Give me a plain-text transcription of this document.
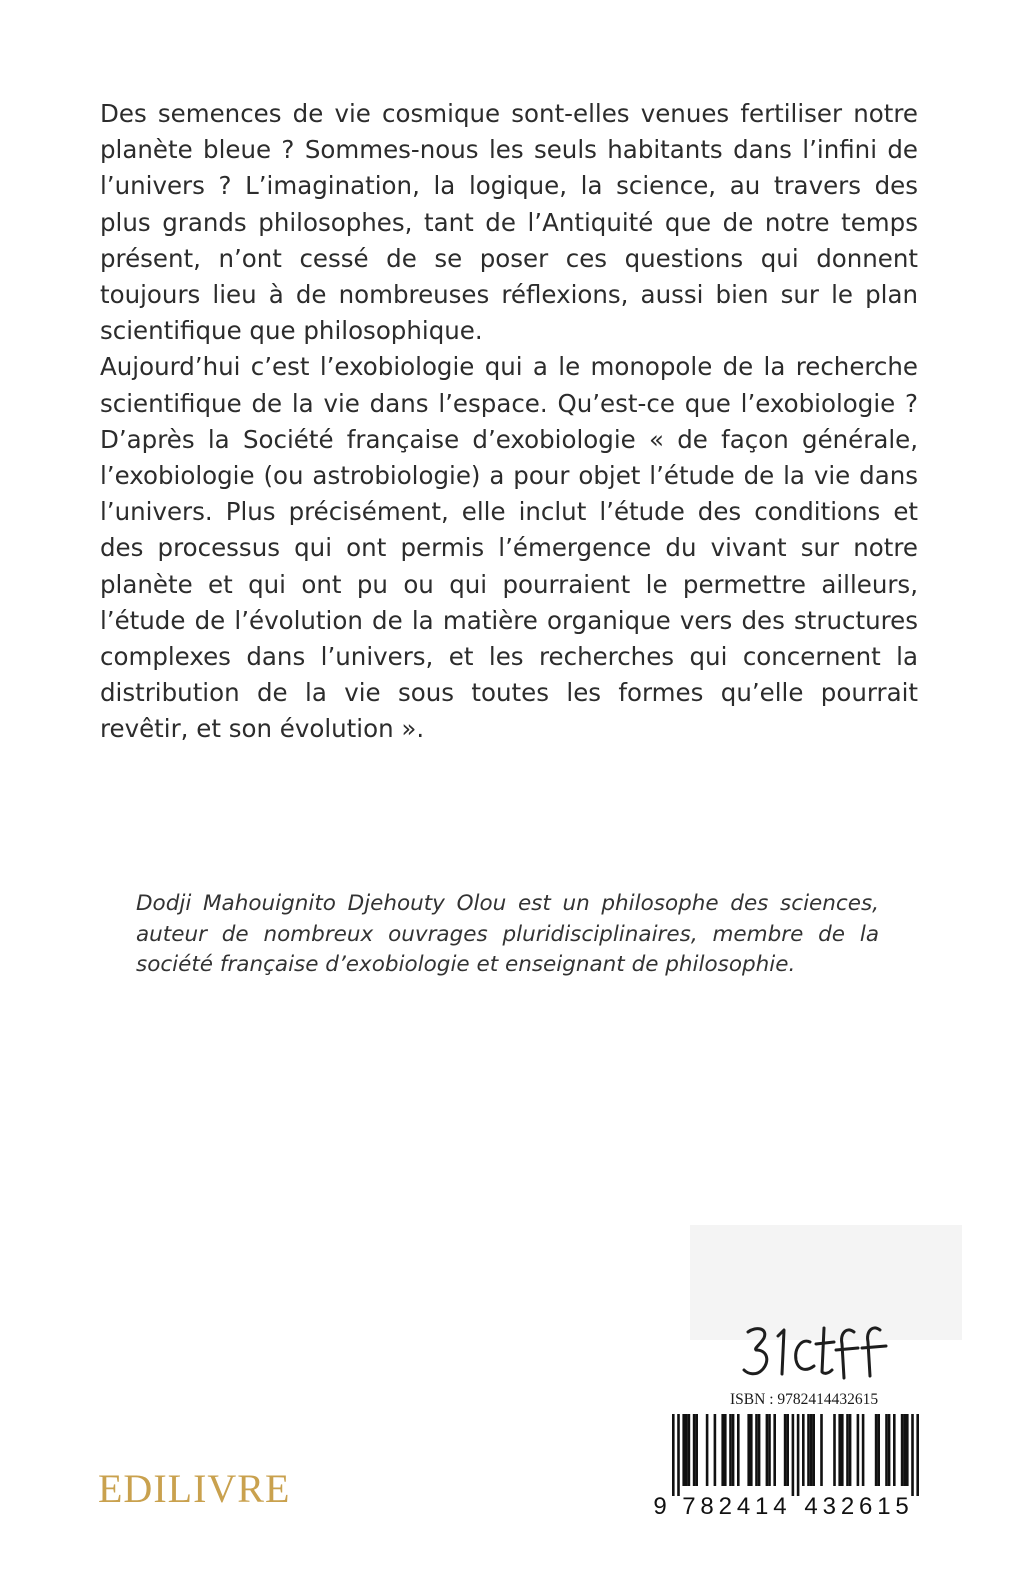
Des semences de vie cosmique sont-elles venues fertiliser notre planète bleue ? Sommes-nous les seuls habitants dans l’infini de l’univers ? L’imagination, la logique, la science, au travers des plus grands philosophes, tant de l’Antiquité que de notre temps présent, n’ont cessé de se poser ces questions qui donnent toujours lieu à de nombreuses réflexions, aussi bien sur le plan scientifique que philosophique.

Aujourd’hui c’est l’exobiologie qui a le monopole de la recherche scientifique de la vie dans l’espace. Qu’est-ce que l’exobiologie ? D’après la Société française d’exobiologie « de façon générale, l’exobiologie (ou astrobiologie) a pour objet l’étude de la vie dans l’univers. Plus précisément, elle inclut l’étude des conditions et des processus qui ont permis l’émergence du vivant sur notre planète et qui ont pu ou qui pourraient le permettre ailleurs, l’étude de l’évolution de la matière organique vers des structures complexes dans l’univers, et les recherches qui concernent la distribution de la vie sous toutes les formes qu’elle pourrait revêtir, et son évolution ».

Dodji Mahouignito Djehouty Olou est un philosophe des sciences, auteur de nombreux ouvrages pluridisciplinaires, membre de la société française d’exobiologie et enseignant de philosophie.

ISBN : 9782414432615
9 7 8 2 4 1 4 4 3 2 6 1 5
EDILIVRE
